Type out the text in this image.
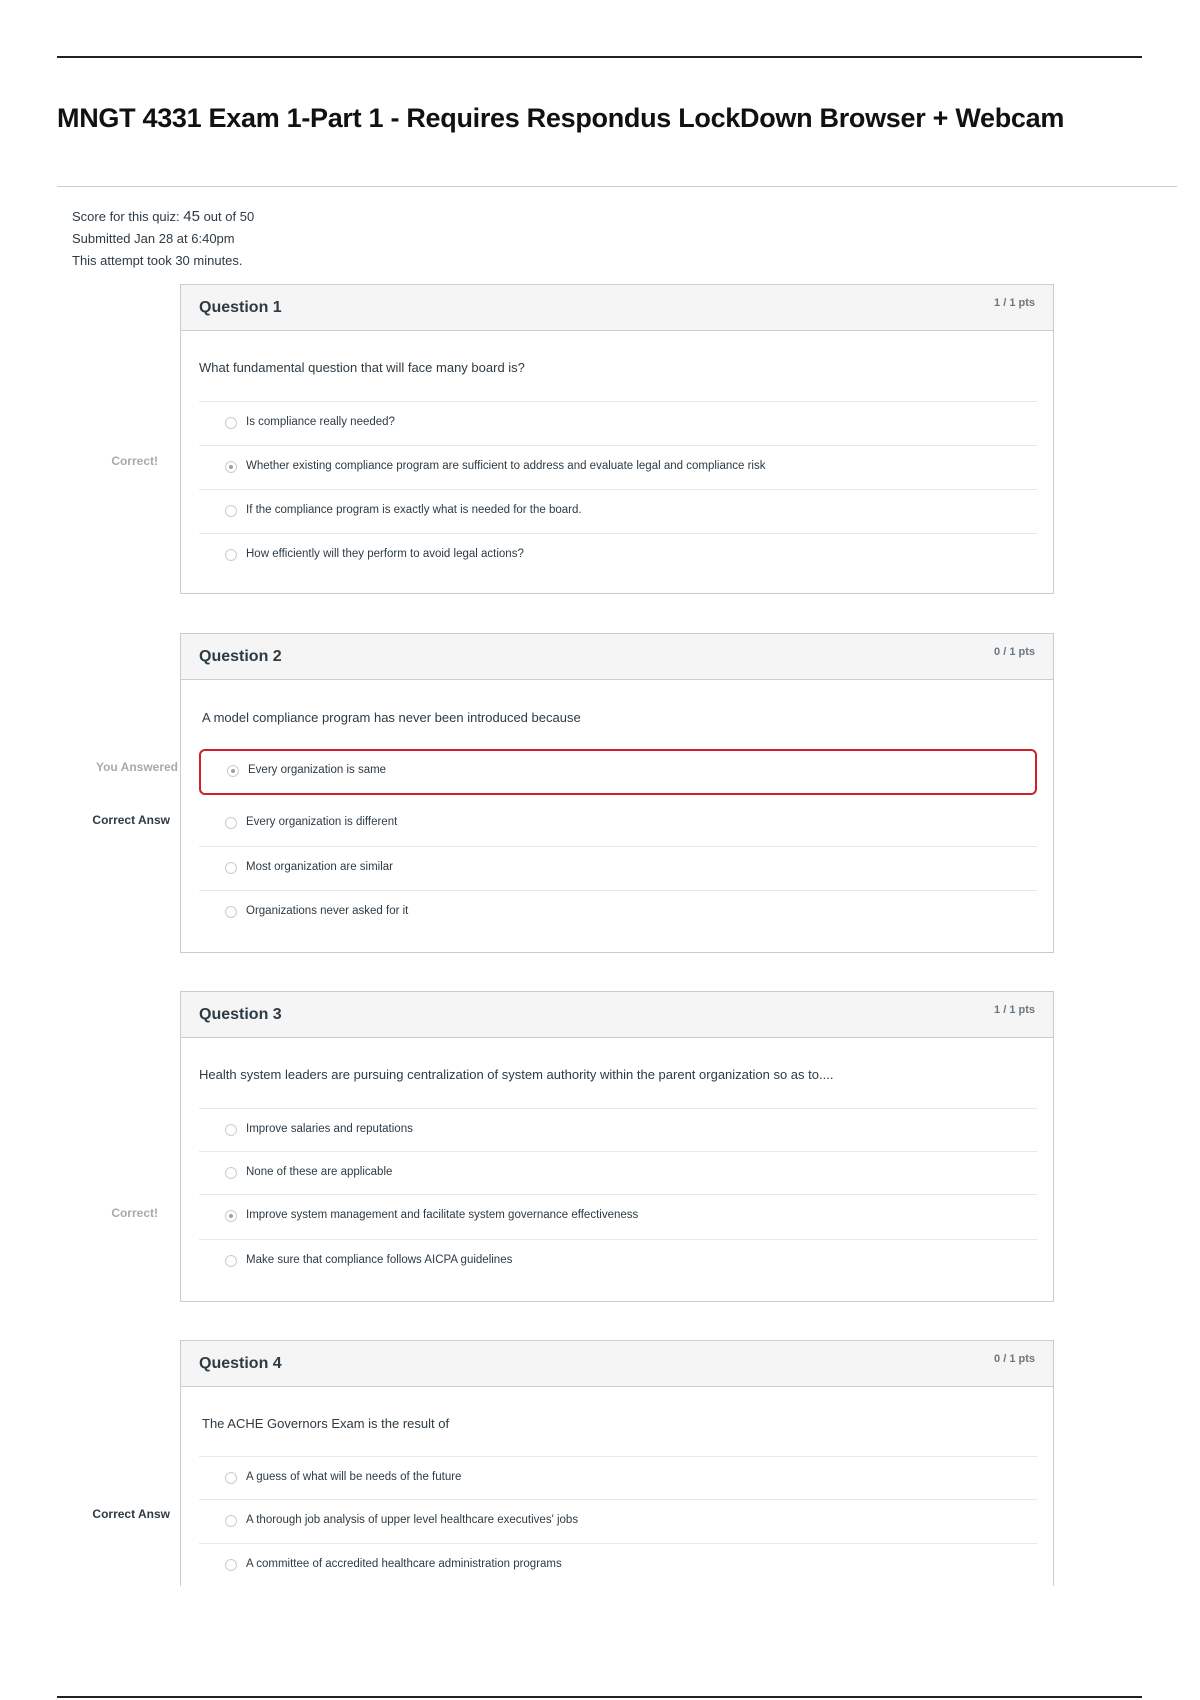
MNGT 4331 Exam 1-Part 1 - Requires Respondus LockDown Browser + Webcam
Score for this quiz: 45 out of 50
Submitted Jan 28 at 6:40pm
This attempt took 30 minutes.
Correct!
Question 1	1 / 1 pts
What fundamental question that will face many board is?
Is compliance really needed?
Whether existing compliance program are sufficient to address and evaluate legal and compliance risk
If the compliance program is exactly what is needed for the board.
How efficiently will they perform to avoid legal actions?
You Answered
Correct Answ
Question 2	0 / 1 pts
A model compliance program has never been introduced because
Every organization is same
Every organization is different
Most organization are similar
Organizations never asked for it
Correct!
Question 3	1 / 1 pts
Health system leaders are pursuing centralization of system authority within the parent organization so as to....
Improve salaries and reputations
None of these are applicable
Improve system management and facilitate system governance effectiveness
Make sure that compliance follows AICPA guidelines
Correct Answ
Question 4	0 / 1 pts
The ACHE Governors Exam is the result of
A guess of what will be needs of the future
A thorough job analysis of upper level healthcare executives' jobs
A committee of accredited healthcare administration programs
